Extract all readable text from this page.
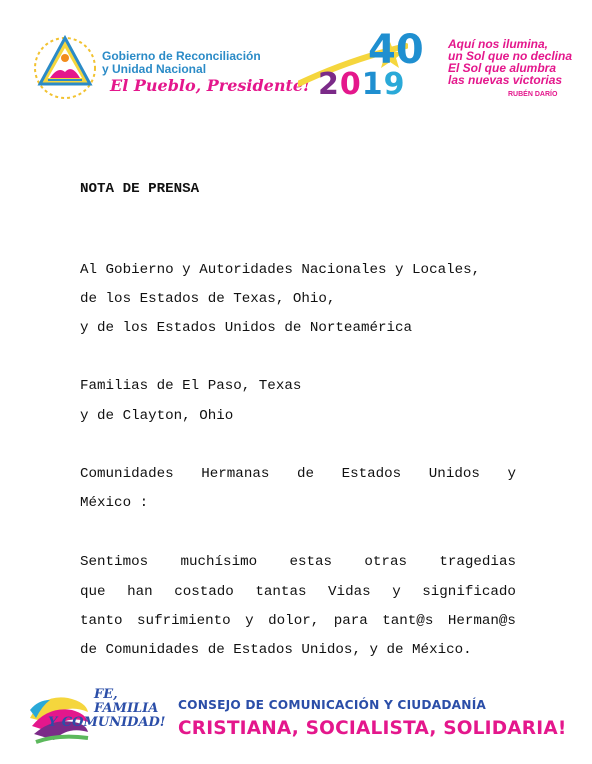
Gobierno de Reconciliación
y Unidad Nacional
El Pueblo, Presidente!
40
2019
Aquí nos ilumina,
un Sol que no declina
El Sol que alumbra
las nuevas victorias
RUBÉN DARÍO
NOTA DE PRENSA
Al Gobierno y Autoridades Nacionales y Locales,
de los Estados de Texas, Ohio,
y de los Estados Unidos de Norteamérica
Familias de El Paso, Texas
y de Clayton, Ohio
Comunidades Hermanas de Estados Unidos y
México :
Sentimos muchísimo estas otras tragedias
que han costado tantas Vidas y significado
tanto sufrimiento y dolor, para tant@s Herman@s
de Comunidades de Estados Unidos, y de México.
FE,
FAMILIA
Y COMUNIDAD!
CONSEJO DE COMUNICACIÓN Y CIUDADANÍA
CRISTIANA, SOCIALISTA, SOLIDARIA!
